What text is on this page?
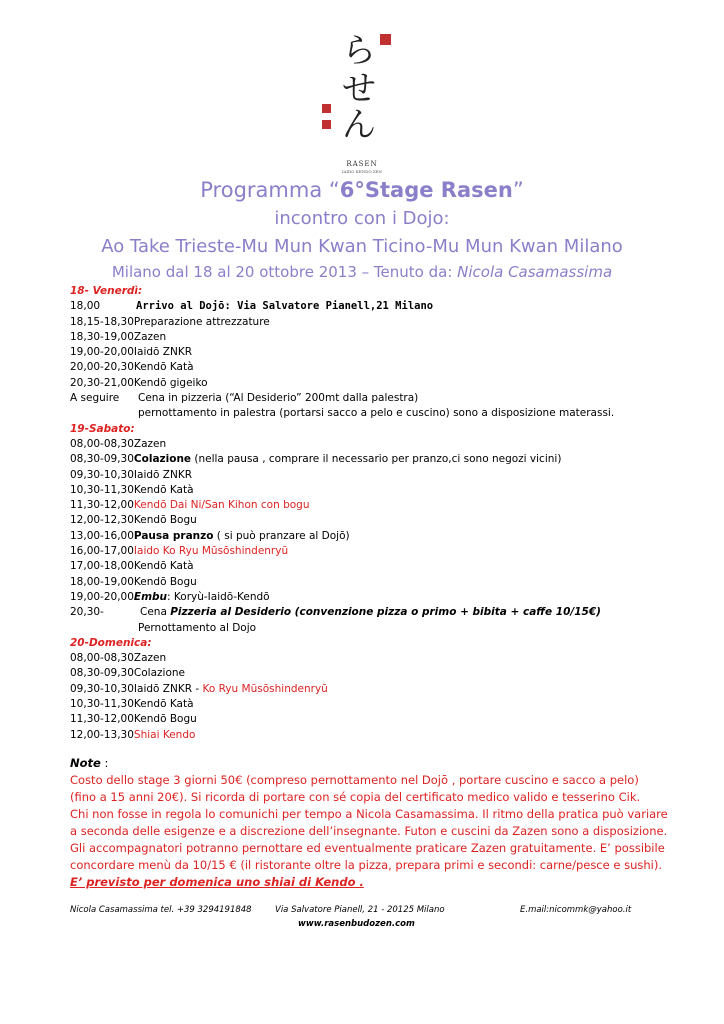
ら
せ
ん
RASEN
IAIDO KENDO ZEN
Programma “6°Stage Rasen”
incontro con i Dojo:
Ao Take Trieste-Mu Mun Kwan Ticino-Mu Mun Kwan Milano
Milano dal 18 al 20 ottobre 2013 – Tenuto da: Nicola Casamassima
18- Venerdì:
18,00	Arrivo al Dojō: Via Salvatore Pianell,21 Milano
18,15-18,30Preparazione attrezzature
18,30-19,00Zazen
19,00-20,00Iaidō ZNKR
20,00-20,30Kendō Katà
20,30-21,00Kendō gigeiko
A seguireCena in pizzeria (“Al Desiderio” 200mt dalla palestra)
pernottamento in palestra (portarsi sacco a pelo e cuscino) sono a disposizione materassi.
19-Sabato:
08,00-08,30Zazen
08,30-09,30Colazione (nella pausa , comprare il necessario per pranzo,ci sono negozi vicini)
09,30-10,30Iaidō ZNKR
10,30-11,30Kendō Katà
11,30-12,00Kendō Dai Ni/San Kihon con bogu
12,00-12,30Kendō Bogu
13,00-16,00Pausa pranzo ( si può pranzare al Dojō)
16,00-17,00Iaido Ko Ryu Mūsōshindenryū
17,00-18,00Kendō Katà
18,00-19,00Kendō Bogu
19,00-20,00Embu: Koryù-Iaidō-Kendō
20,30-	Cena Pizzeria al Desiderio (convenzione pizza o primo + bibita + caffe 10/15€)
Pernottamento al Dojo
20-Domenica:
08,00-08,30Zazen
08,30-09,30Colazione
09,30-10,30Iaidō ZNKR - Ko Ryu Mūsōshindenryū
10,30-11,30Kendō Katà
11,30-12,00Kendō Bogu
12,00-13,30Shiai Kendo
Note :
Costo dello stage 3 giorni 50€ (compreso pernottamento nel Dojō , portare cuscino e sacco a pelo)
(fino a 15 anni 20€). Si ricorda di portare con sé copia del certificato medico valido e tesserino Cik.
Chi non fosse in regola lo comunichi per tempo a Nicola Casamassima. Il ritmo della pratica può variare
a seconda delle esigenze e a discrezione dell’insegnante. Futon e cuscini da Zazen sono a disposizione.
Gli accompagnatori potranno pernottare ed eventualmente praticare Zazen gratuitamente. E’ possibile
concordare menù da 10/15 € (il ristorante oltre la pizza, prepara primi e secondi: carne/pesce e sushi).
E’ previsto per domenica uno shiai di Kendo .
Nicola Casamassima tel. +39 3294191848	Via Salvatore Pianell, 21 - 20125 Milano	E.mail:nicommk@yahoo.it
www.rasenbudozen.com
